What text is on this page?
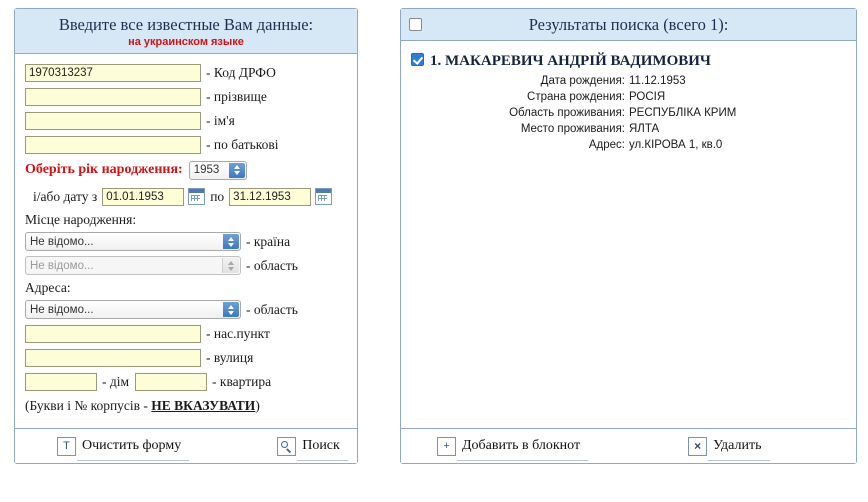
Введите все известные Вам данные:
на украинском языке
1970313237
- Код ДРФО
- прізвище
- ім'я
- по батькові
Оберіть рік народження: 1953
і/або дату з
01.01.1953	по
31.12.1953
Місце народження:
Не відомо...	- країна
Не відомо...	- область
Адреса:
Не відомо...	- область
- нас.пункт
- вулиця
- дім	- квартира
(Букви і № корпусів - НЕ ВКАЗУВАТИ)
T Очистить форму	Поиск
Результаты поиска (всего 1):
1. МАКАРЕВИЧ АНДРІЙ ВАДИМОВИЧ
Дата рождения: 11.12.1953
Страна рождения: РОСІЯ
Область проживания: РЕСПУБЛІКА КРИМ
Место проживания: ЯЛТА
Адрес: ул.КІРОВА 1, кв.0
+ Добавить в блокнот	× Удалить
